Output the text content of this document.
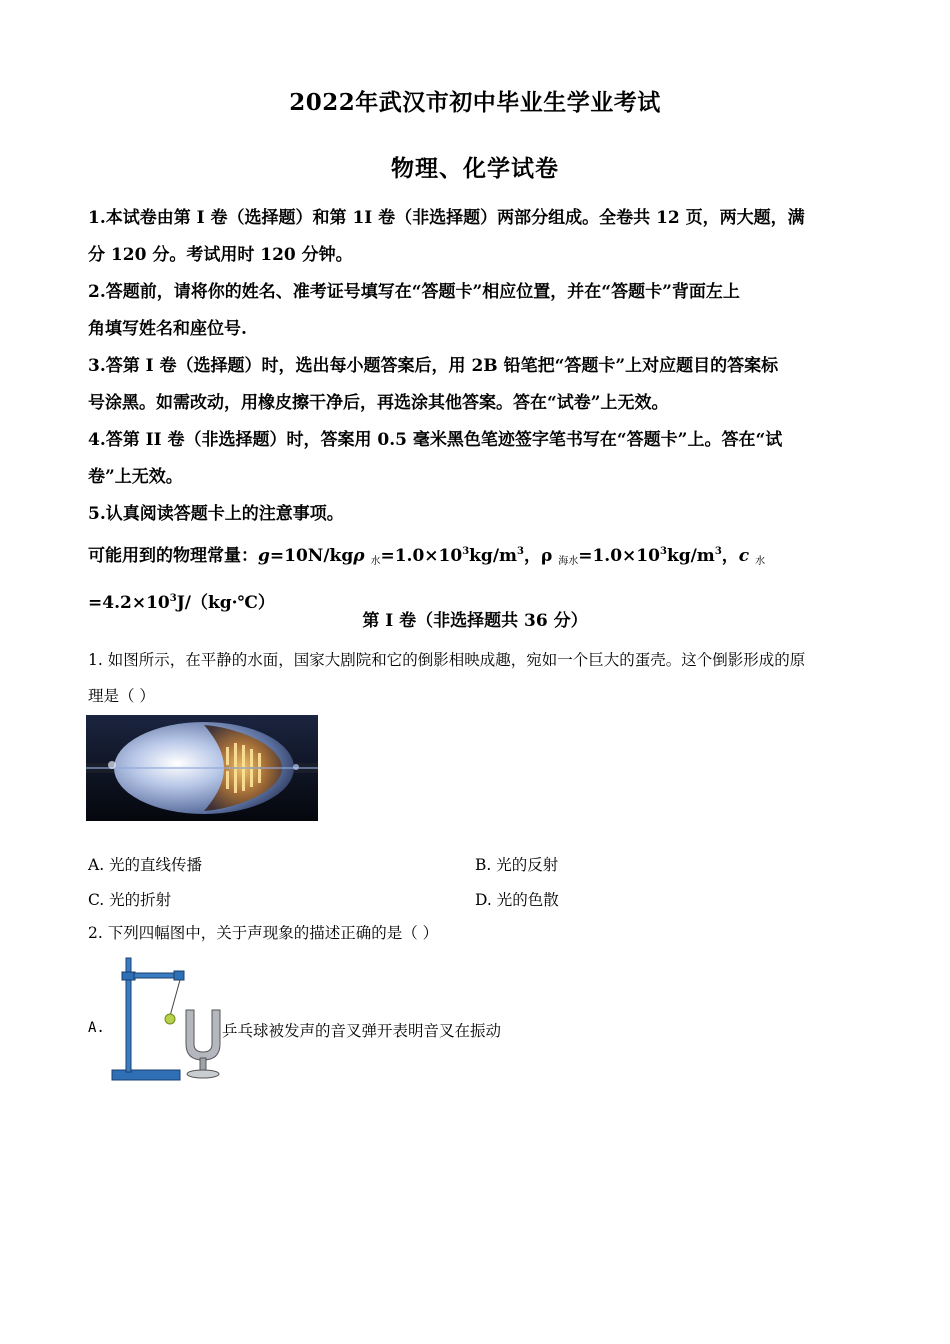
2022年武汉市初中毕业生学业考试
物理、化学试卷

1.本试卷由第 I 卷（选择题）和第 1I 卷（非选择题）两部分组成。全卷共 12 页，两大题，满

分 120 分。考试用时 120 分钟。

2.答题前，请将你的姓名、准考证号填写在“答题卡”相应位置，并在“答题卡”背面左上

角填写姓名和座位号.

3.答第 I 卷（选择题）时，选出每小题答案后，用 2B 铅笔把“答题卡”上对应题目的答案标

号涂黑。如需改动，用橡皮擦干净后，再选涂其他答案。答在“试卷”上无效。

4.答第 II 卷（非选择题）时，答案用 0.5 毫米黑色笔迹签字笔书写在“答题卡”上。答在“试

卷”上无效。

5.认真阅读答题卡上的注意事项。

可能用到的物理常量：g=10N/kgρ $_水=1.0\times 10^3kg/m^3$，ρ $_{海水}=1.0\times 10^3kg/m^3$，c $_水$

$=4.2\times 10^3J/(kg\cdot℃)$

第 I 卷（非选择题共 36 分）
1. 如图所示，在平静的水面，国家大剧院和它的倒影相映成趣，宛如一个巨大的蛋壳。这个倒影形成的原
理是（ ）
A. 光的直线传播	B. 光的反射
C. 光的折射	D. 光的色散
2. 下列四幅图中，关于声现象的描述正确的是（ ）
A.	乒乓球被发声的音叉弹开表明音叉在振动
